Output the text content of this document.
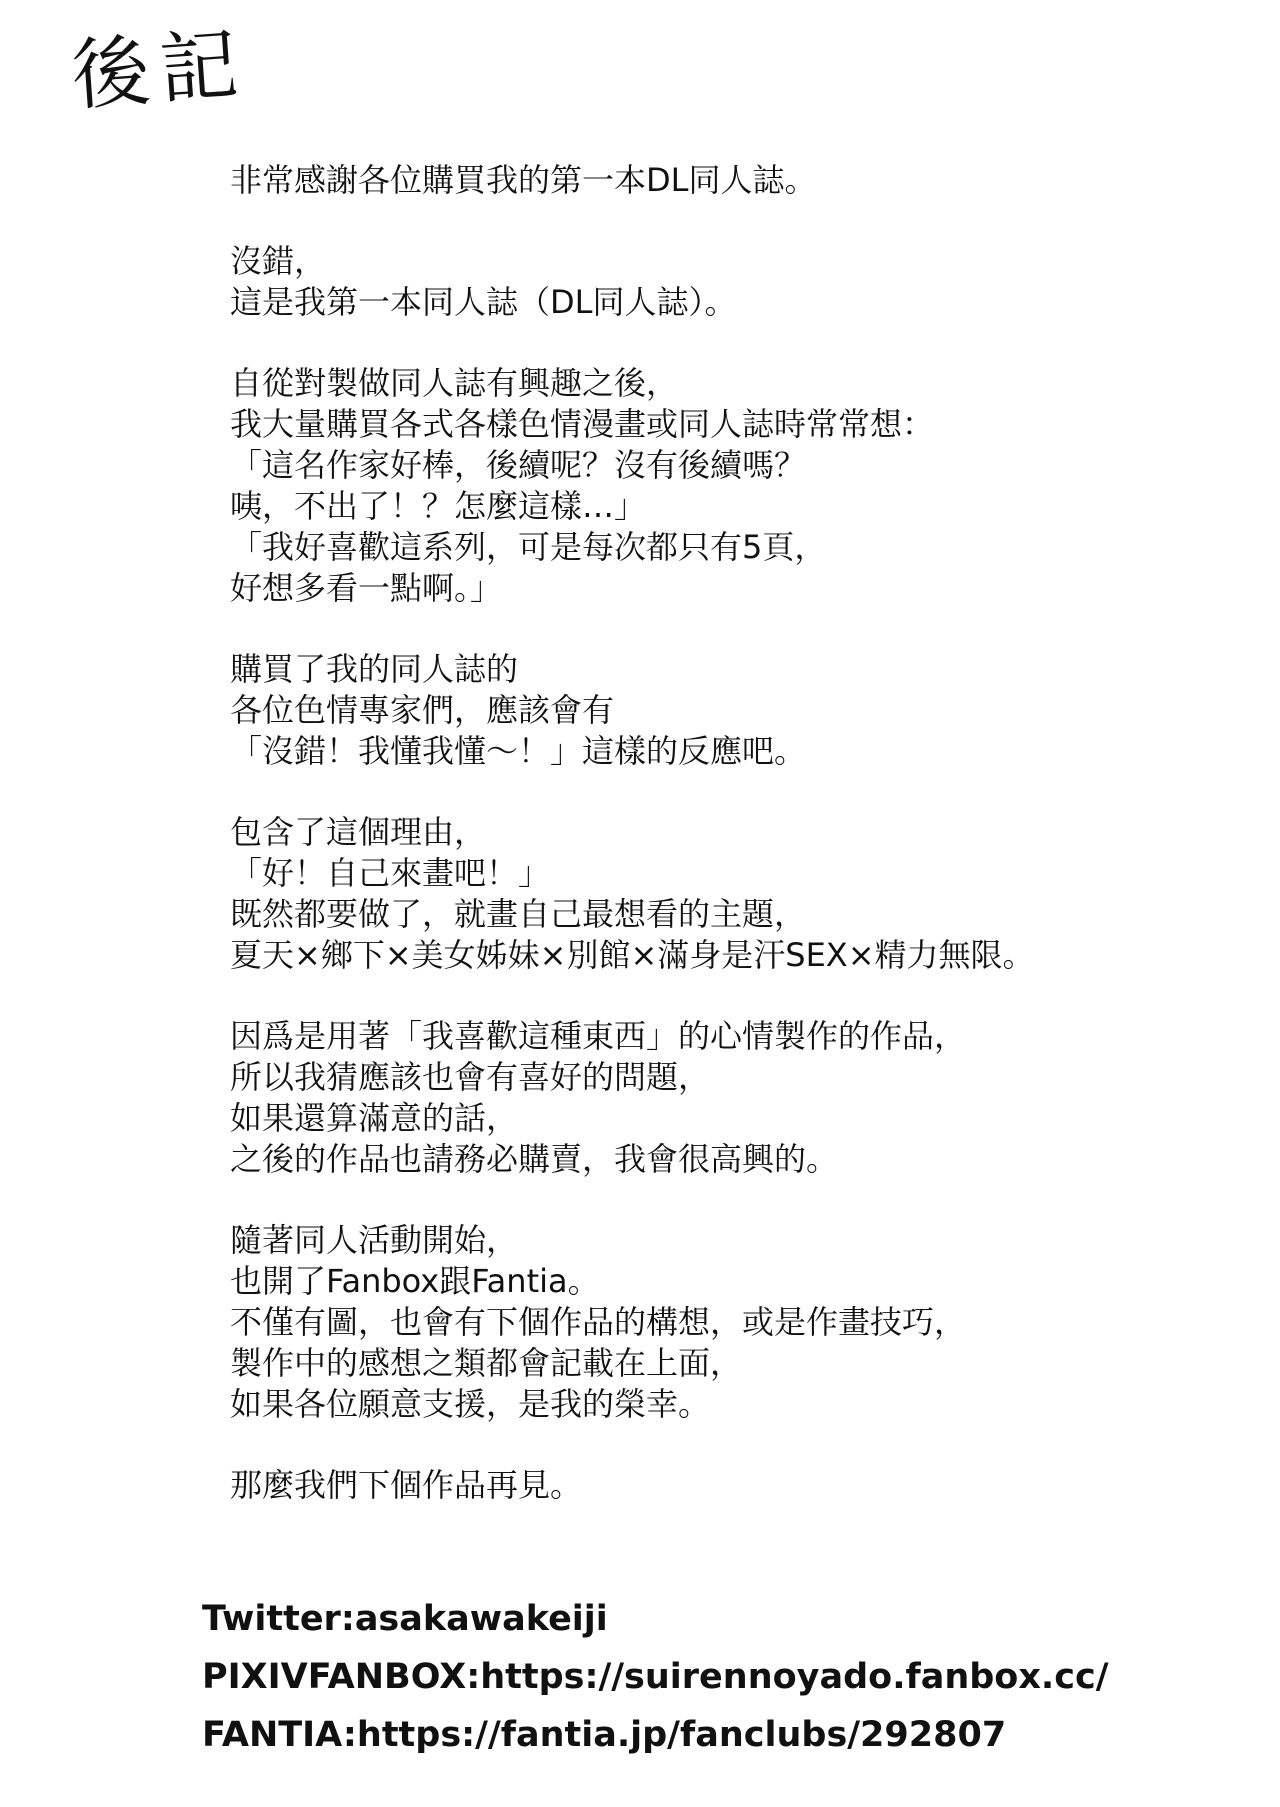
後記

非常感謝各位購買我的第一本DL同人誌。

沒錯，

這是我第一本同人誌（DL同人誌）。

自從對製做同人誌有興趣之後，

我大量購買各式各樣色情漫畫或同人誌時常常想：

「這名作家好棒，後續呢？沒有後續嗎？

咦，不出了！？怎麼這樣…」

「我好喜歡這系列，可是每次都只有5頁，

好想多看一點啊。」

購買了我的同人誌的

各位色情專家們，應該會有

「沒錯！我懂我懂～！」這樣的反應吧。

包含了這個理由，

「好！自己來畫吧！」

既然都要做了，就畫自己最想看的主題，

夏天×鄉下×美女姊妹×別館×滿身是汗SEX×精力無限。

因爲是用著「我喜歡這種東西」的心情製作的作品，

所以我猜應該也會有喜好的問題，

如果還算滿意的話，

之後的作品也請務必購賣，我會很高興的。

隨著同人活動開始，

也開了Fanbox跟Fantia。

不僅有圖，也會有下個作品的構想，或是作畫技巧，

製作中的感想之類都會記載在上面，

如果各位願意支援，是我的榮幸。

那麼我們下個作品再見。

Twitter:asakawakeiji

PIXIVFANBOX:https://suirennoyado.fanbox.cc/

FANTIA:https://fantia.jp/fanclubs/292807
